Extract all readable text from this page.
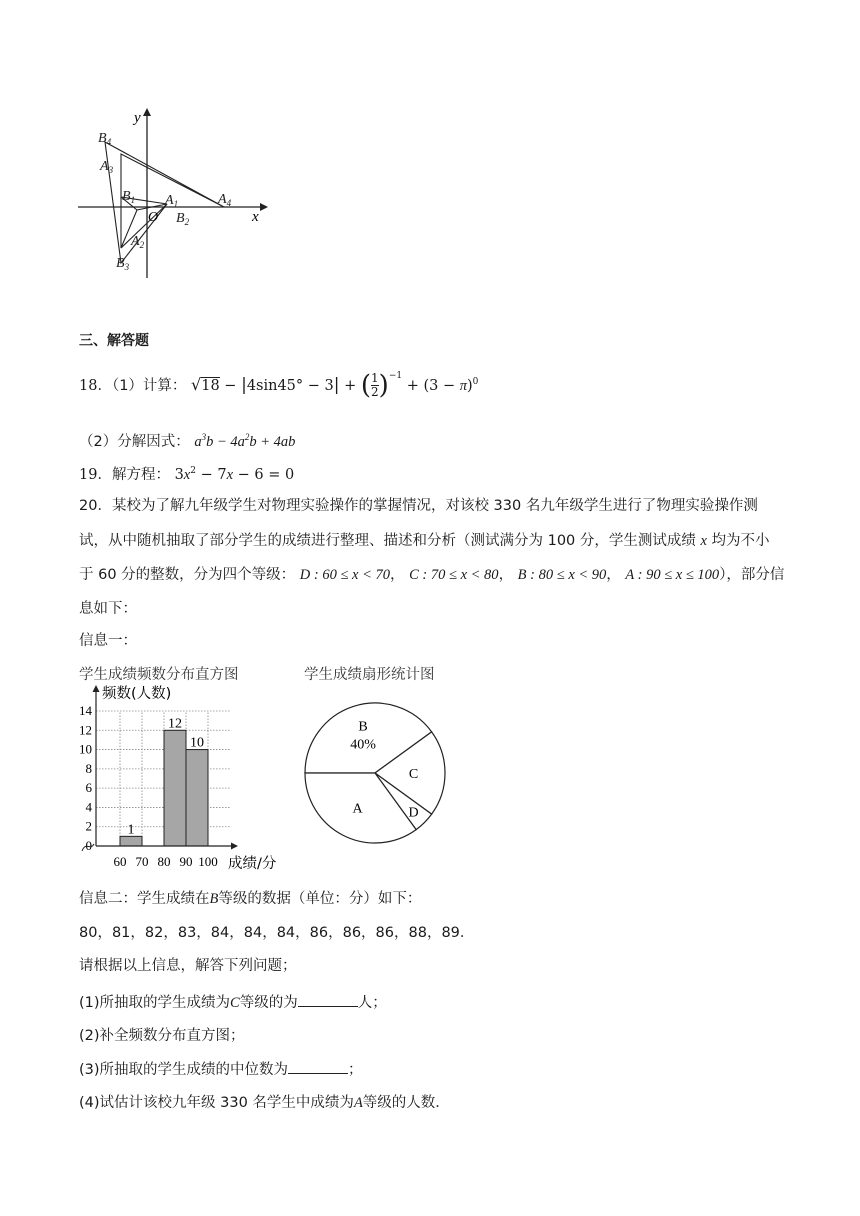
y
x
O
$B_4$
$A_3$
$B_1$ $A_1$	$A_4$
$B_2$
$A_2$
$B_3$
三、解答题
18．（1）计算： √18 − |4sin45° − 3| + ( $\frac{1}{2} )^{-1} + (3 - \pi)^0$
（2）分解因式： $a^3b - 4a^2b + 4ab$
19．解方程： $3x^2 - 7x - 6 = 0$
20．某校为了解九年级学生对物理实验操作的掌握情况，对该校 330 名九年级学生进行了物理实验操作测
试，从中随机抽取了部分学生的成绩进行整理、描述和分析（测试满分为 100 分，学生测试成绩 x 均为不小
于 60 分的整数，分为四个等级： D : 60 ≤ x < 70， C : 70 ≤ x < 80， B : 80 ≤ x < 90， A : 90 ≤ x ≤ 100），部分信
息如下：
信息一：
学生成绩频数分布直方图
1
12
10
0
2
4
6
8
10
12
14
60 70 80 90 100
频数(人数)
成绩/分
学生成绩扇形统计图
B
40%
C
D
A
信息二：学生成绩在B等级的数据（单位：分）如下：
80，81，82，83，84，84，84，86，86，86，88，89．
请根据以上信息，解答下列问题；
(1)所抽取的学生成绩为C等级的为	人；
(2)补全频数分布直方图；
(3)所抽取的学生成绩的中位数为	；
(4)试估计该校九年级 330 名学生中成绩为A等级的人数．
